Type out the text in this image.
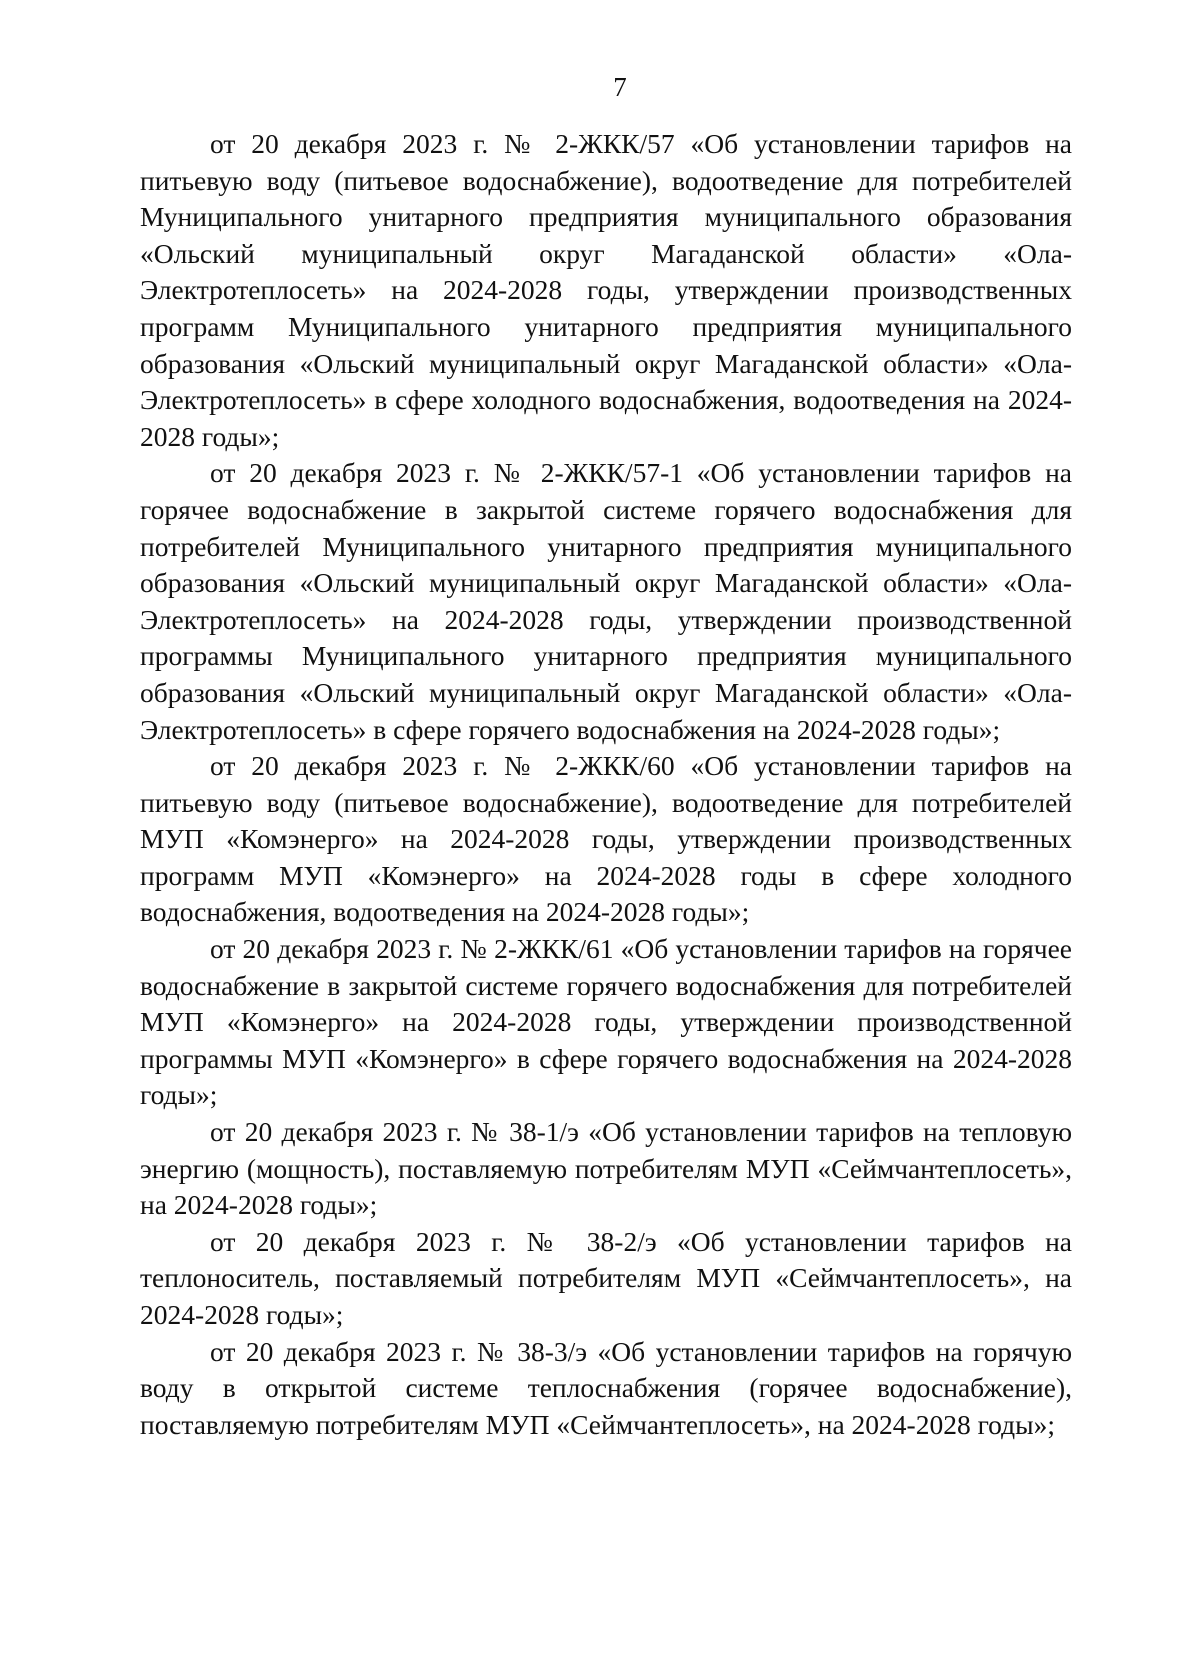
7

от 20 декабря 2023 г. № 2-ЖКК/57 «Об установлении тарифов на питьевую воду (питьевое водоснабжение), водоотведение для потребителей Муниципального унитарного предприятия муниципального образования «Ольский муниципальный округ Магаданской области» «Ола-Электротеплосеть» на 2024-2028 годы, утверждении производственных программ Муниципального унитарного предприятия муниципального образования «Ольский муниципальный округ Магаданской области» «Ола-Электротеплосеть» в сфере холодного водоснабжения, водоотведения на 2024-2028 годы»;

от 20 декабря 2023 г. № 2-ЖКК/57-1 «Об установлении тарифов на горячее водоснабжение в закрытой системе горячего водоснабжения для потребителей Муниципального унитарного предприятия муниципального образования «Ольский муниципальный округ Магаданской области» «Ола-Электротеплосеть» на 2024-2028 годы, утверждении производственной программы Муниципального унитарного предприятия муниципального образования «Ольский муниципальный округ Магаданской области» «Ола-Электротеплосеть» в сфере горячего водоснабжения на 2024-2028 годы»;

от 20 декабря 2023 г. № 2-ЖКК/60 «Об установлении тарифов на питьевую воду (питьевое водоснабжение), водоотведение для потребителей МУП «Комэнерго» на 2024-2028 годы, утверждении производственных программ МУП «Комэнерго» на 2024-2028 годы в сфере холодного водоснабжения, водоотведения на 2024-2028 годы»;

от 20 декабря 2023 г. № 2-ЖКК/61 «Об установлении тарифов на горячее водоснабжение в закрытой системе горячего водоснабжения для потребителей МУП «Комэнерго» на 2024-2028 годы, утверждении производственной программы МУП «Комэнерго» в сфере горячего водоснабжения на 2024-2028 годы»;

от 20 декабря 2023 г. № 38-1/э «Об установлении тарифов на тепловую энергию (мощность), поставляемую потребителям МУП «Сеймчантеплосеть», на 2024-2028 годы»;

от 20 декабря 2023 г. № 38-2/э «Об установлении тарифов на теплоноситель, поставляемый потребителям МУП «Сеймчантеплосеть», на 2024-2028 годы»;

от 20 декабря 2023 г. № 38-3/э «Об установлении тарифов на горячую воду в открытой системе теплоснабжения (горячее водоснабжение), поставляемую потребителям МУП «Сеймчантеплосеть», на 2024-2028 годы»;
